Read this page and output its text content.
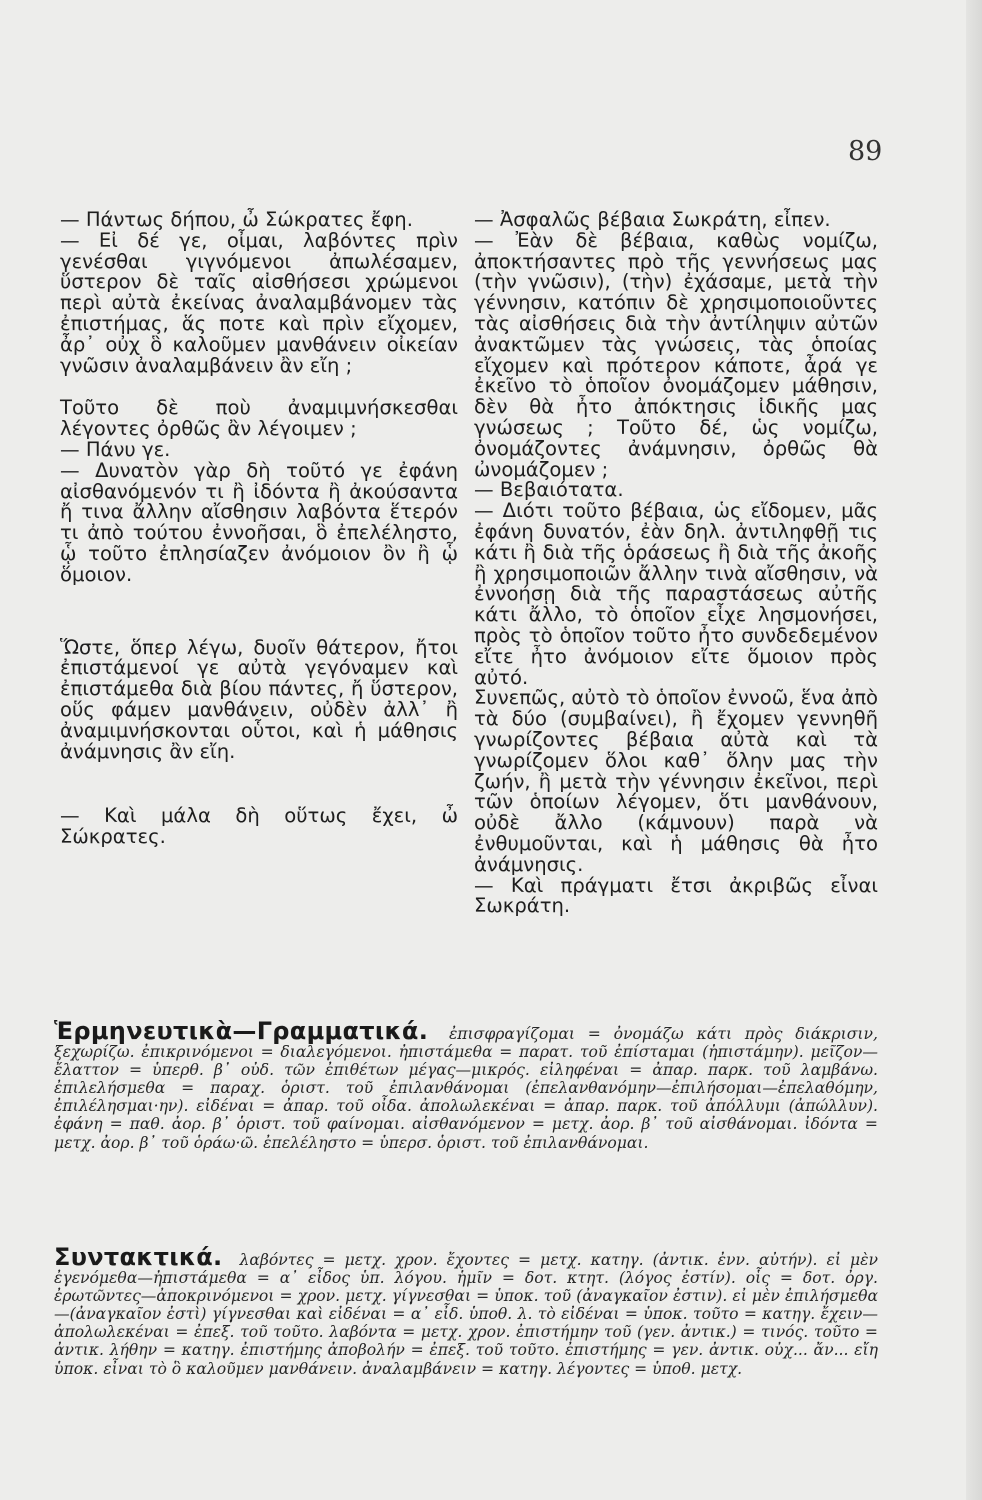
89

— Πάντως δήπου, ὦ Σώκρατες ἔφη.

— Εἰ δέ γε, οἶμαι, λαβόντες πρὶν γενέσθαι γιγνόμενοι ἀπωλέσαμεν, ὕστερον δὲ ταῖς αἰσθήσεσι χρώμενοι περὶ αὐτὰ ἐκείνας ἀναλαμβάνομεν τὰς ἐπιστήμας, ἅς ποτε καὶ πρὶν εἴχομεν, ἆρ᾽ οὐχ ὃ καλοῦμεν μανθάνειν οἰκείαν γνῶσιν ἀναλαμβάνειν ἂν εἴη ;

Τοῦτο δὲ ποὺ ἀναμιμνήσκεσθαι λέγοντες ὀρθῶς ἂν λέγοιμεν ;

— Πάνυ γε.

— Δυνατὸν γὰρ δὴ τοῦτό γε ἐφάνη αἰσθανόμενόν τι ἢ ἰδόντα ἢ ἀκούσαντα ἤ τινα ἄλλην αἴσθησιν λαβόντα ἕτερόν τι ἀπὸ τούτου ἐννοῆσαι, ὃ ἐπελέληστο, ᾧ τοῦτο ἐπλησίαζεν ἀνόμοιον ὂν ἢ ᾧ ὅμοιον.

Ὥστε, ὅπερ λέγω, δυοῖν θάτερον, ἤτοι ἐπιστάμενοί γε αὐτὰ γεγόναμεν καὶ ἐπιστάμεθα διὰ βίου πάντες, ἤ ὕστερον, οὕς φάμεν μανθάνειν, οὐδὲν ἀλλ᾽ ἢ ἀναμιμνήσκονται οὗτοι, καὶ ἡ μάθησις ἀνάμνησις ἂν εἴη.

— Καὶ μάλα δὴ οὕτως ἔχει, ὦ Σώκρατες.

— Ἀσφαλῶς βέβαια Σωκράτη, εἶπεν.

— Ἐὰν δὲ βέβαια, καθὼς νομίζω, ἀποκτήσαντες πρὸ τῆς γεννήσεως μας (τὴν γνῶσιν), (τὴν) ἐχάσαμε, μετὰ τὴν γέννησιν, κατόπιν δὲ χρησιμοποιοῦντες τὰς αἰσθήσεις διὰ τὴν ἀντίληψιν αὐτῶν ἀνακτῶμεν τὰς γνώσεις, τὰς ὁποίας εἴχομεν καὶ πρότερον κάποτε, ἆρά γε ἐκεῖνο τὸ ὁποῖον ὀνομάζομεν μάθησιν, δὲν θὰ ἦτο ἀπόκτησις ἰδικῆς μας γνώσεως ; Τοῦτο δέ, ὡς νομίζω, ὀνομάζοντες ἀνάμνησιν, ὀρθῶς θὰ ὠνομάζομεν ;

— Βεβαιότατα.

— Διότι τοῦτο βέβαια, ὡς εἴδομεν, μᾶς ἐφάνη δυνατόν, ἐὰν δηλ. ἀντιληφθῇ τις κάτι ἢ διὰ τῆς ὁράσεως ἢ διὰ τῆς ἀκοῆς ἢ χρησιμοποιῶν ἄλλην τινὰ αἴσθησιν, νὰ ἐννοήσῃ διὰ τῆς παραστάσεως αὐτῆς κάτι ἄλλο, τὸ ὁποῖον εἶχε λησμονήσει, πρὸς τὸ ὁποῖον τοῦτο ἦτο συνδεδεμένον εἴτε ἦτο ἀνόμοιον εἴτε ὅμοιον πρὸς αὐτό.

Συνεπῶς, αὐτὸ τὸ ὁποῖον ἐννοῶ, ἕνα ἀπὸ τὰ δύο (συμβαίνει), ἢ ἔχομεν γεννηθῆ γνωρίζοντες βέβαια αὐτὰ καὶ τὰ γνωρίζομεν ὅλοι καθ᾽ ὅλην μας τὴν ζωήν, ἢ μετὰ τὴν γέννησιν ἐκεῖνοι, περὶ τῶν ὁποίων λέγομεν, ὅτι μανθάνουν, οὐδὲ ἄλλο (κάμνουν) παρὰ νὰ ἐνθυμοῦνται, καὶ ἡ μάθησις θὰ ἦτο ἀνάμνησις.

— Καὶ πράγματι ἔτσι ἀκριβῶς εἶναι Σωκράτη.

Ἑρμηνευτικὰ—Γραμματικά. ἐπισφραγίζομαι = ὀνομάζω κάτι πρὸς διάκρισιν, ξεχωρίζω. ἐπικρινόμενοι = διαλεγόμενοι. ἠπιστάμεθα = παρατ. τοῦ ἐπίσταμαι (ἠπιστάμην). μεῖζον—ἔλαττον = ὑπερθ. β᾽ οὐδ. τῶν ἐπιθέτων μέγας—μικρός. εἰληφέναι = ἀπαρ. παρκ. τοῦ λαμβάνω. ἐπιλελήσμεθα = παραχ. ὁριστ. τοῦ ἐπιλανθάνομαι (ἐπελανθανόμην—ἐπιλήσομαι—ἐπελαθόμην, ἐπιλέλησμαι·ην). εἰδέναι = ἀπαρ. τοῦ οἶδα. ἀπολωλεκέναι = ἀπαρ. παρκ. τοῦ ἀπόλλυμι (ἀπώλλυν). ἐφάνη = παθ. ἀορ. β᾽ ὁριστ. τοῦ φαίνομαι. αἰσθανόμενον = μετχ. ἀορ. β᾽ τοῦ αἰσθάνομαι. ἰδόντα = μετχ. ἀορ. β᾽ τοῦ ὁράω·ῶ. ἐπελέληστο = ὑπερσ. ὁριστ. τοῦ ἐπιλανθάνομαι.

Συντακτικά. λαβόντες = μετχ. χρον. ἔχοντες = μετχ. κατηγ. (ἀντικ. ἐνν. αὐτήν). εἰ μὲν ἐγενόμεθα—ἠπιστάμεθα = α᾽ εἶδος ὑπ. λόγου. ἡμῖν = δοτ. κτητ. (λόγος ἐστίν). οἷς = δοτ. ὀργ. ἐρωτῶντες—ἀποκρινόμενοι = χρον. μετχ. γίγνεσθαι = ὑποκ. τοῦ (ἀναγκαῖον ἐστιν). εἰ μὲν ἐπιλήσμεθα—(ἀναγκαῖον ἐστὶ) γίγνεσθαι καὶ εἰδέναι = α᾽ εἶδ. ὑποθ. λ. τὸ εἰδέναι = ὑποκ. τοῦτο = κατηγ. ἔχειν—ἀπολωλεκέναι = ἐπεξ. τοῦ τοῦτο. λαβόντα = μετχ. χρον. ἐπιστήμην τοῦ (γεν. ἀντικ.) = τινός. τοῦτο = ἀντικ. λήθην = κατηγ. ἐπιστήμης ἀποβολήν = ἐπεξ. τοῦ τοῦτο. ἐπιστήμης = γεν. ἀντικ. οὐχ... ἄν... εἴη ὑποκ. εἶναι τὸ ὃ καλοῦμεν μανθάνειν. ἀναλαμβάνειν = κατηγ. λέγοντες = ὑποθ. μετχ.
